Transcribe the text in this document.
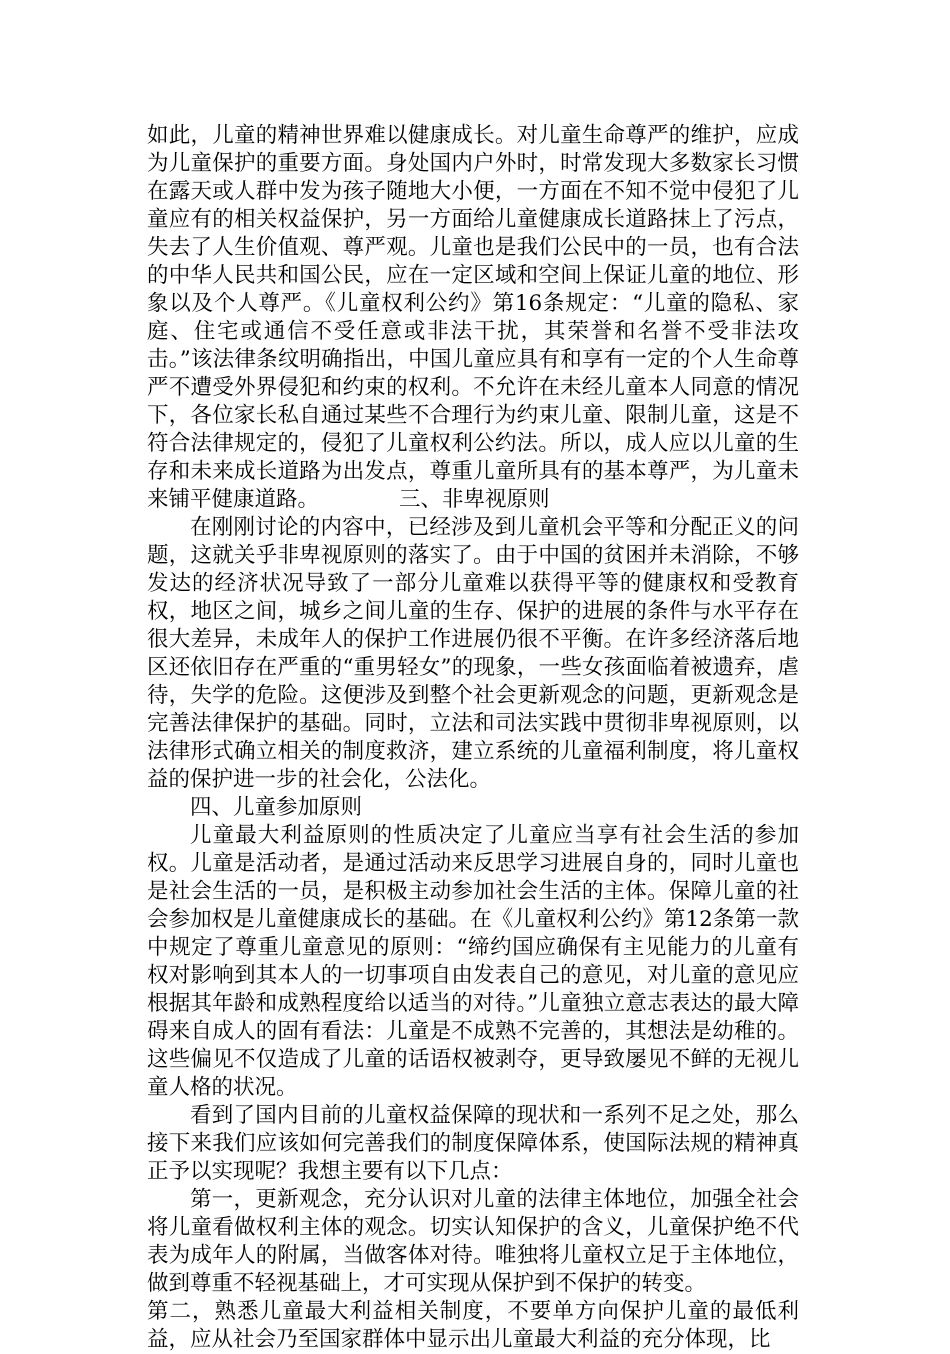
如此，儿童的精神世界难以健康成长。对儿童生命尊严的维护，应成为儿童保护的重要方面。身处国内户外时，时常发现大多数家长习惯在露天或人群中发为孩子随地大小便，一方面在不知不觉中侵犯了儿童应有的相关权益保护，另一方面给儿童健康成长道路抹上了污点，失去了人生价值观、尊严观。儿童也是我们公民中的一员，也有合法的中华人民共和国公民，应在一定区域和空间上保证儿童的地位、形象以及个人尊严。《儿童权利公约》第16条规定：“儿童的隐私、家庭、住宅或通信不受任意或非法干扰，其荣誉和名誉不受非法攻击。”该法律条纹明确指出，中国儿童应具有和享有一定的个人生命尊严不遭受外界侵犯和约束的权利。不允许在未经儿童本人同意的情况下，各位家长私自通过某些不合理行为约束儿童、限制儿童，这是不符合法律规定的，侵犯了儿童权利公约法。所以，成人应以儿童的生存和未来成长道路为出发点，尊重儿童所具有的基本尊严，为儿童未来铺平健康道路。	三、非卑视原则

在刚刚讨论的内容中，已经涉及到儿童机会平等和分配正义的问题，这就关乎非卑视原则的落实了。由于中国的贫困并未消除，不够发达的经济状况导致了一部分儿童难以获得平等的健康权和受教育权，地区之间，城乡之间儿童的生存、保护的进展的条件与水平存在很大差异，未成年人的保护工作进展仍很不平衡。在许多经济落后地区还依旧存在严重的“重男轻女”的现象，一些女孩面临着被遗弃，虐待，失学的危险。这便涉及到整个社会更新观念的问题，更新观念是完善法律保护的基础。同时，立法和司法实践中贯彻非卑视原则，以法律形式确立相关的制度救济，建立系统的儿童福利制度，将儿童权益的保护进一步的社会化，公法化。

四、儿童参加原则

儿童最大利益原则的性质决定了儿童应当享有社会生活的参加权。儿童是活动者，是通过活动来反思学习进展自身的，同时儿童也是社会生活的一员，是积极主动参加社会生活的主体。保障儿童的社会参加权是儿童健康成长的基础。在《儿童权利公约》第12条第一款中规定了尊重儿童意见的原则：“缔约国应确保有主见能力的儿童有权对影响到其本人的一切事项自由发表自己的意见，对儿童的意见应根据其年龄和成熟程度给以适当的对待。”儿童独立意志表达的最大障碍来自成人的固有看法：儿童是不成熟不完善的，其想法是幼稚的。这些偏见不仅造成了儿童的话语权被剥夺，更导致屡见不鲜的无视儿童人格的状况。

看到了国内目前的儿童权益保障的现状和一系列不足之处，那么接下来我们应该如何完善我们的制度保障体系，使国际法规的精神真正予以实现呢？我想主要有以下几点：

第一，更新观念，充分认识对儿童的法律主体地位，加强全社会将儿童看做权利主体的观念。切实认知保护的含义，儿童保护绝不代表为成年人的附属，当做客体对待。唯独将儿童权立足于主体地位，做到尊重不轻视基础上，才可实现从保护到不保护的转变。

第二，熟悉儿童最大利益相关制度，不要单方向保护儿童的最低利益，应从社会乃至国家群体中显示出儿童最大利益的充分体现，比
